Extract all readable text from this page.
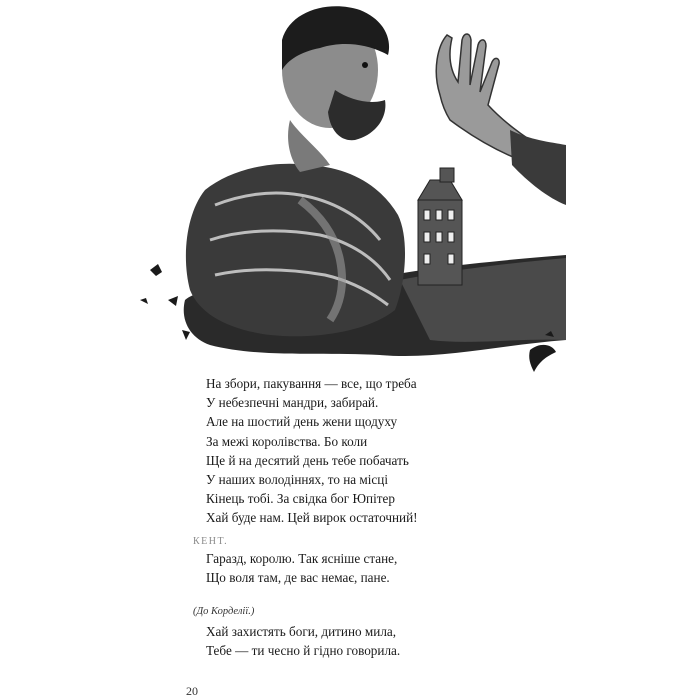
На збори, пакування — все, що треба
У небезпечні мандри, забирай.
Але на шостий день жени щодуху
За межі королівства. Бо коли
Ще й на десятий день тебе побачать
У наших володіннях, то на місці
Кінець тобі. За свідка бог Юпітер
Хай буде нам. Цей вирок остаточний!
КЕНТ.
Гаразд, королю. Так ясніше стане,
Що воля там, де вас немає, пане.
(До Корделії.)
Хай захистять боги, дитино мила,
Тебе — ти чесно й гідно говорила.
20
